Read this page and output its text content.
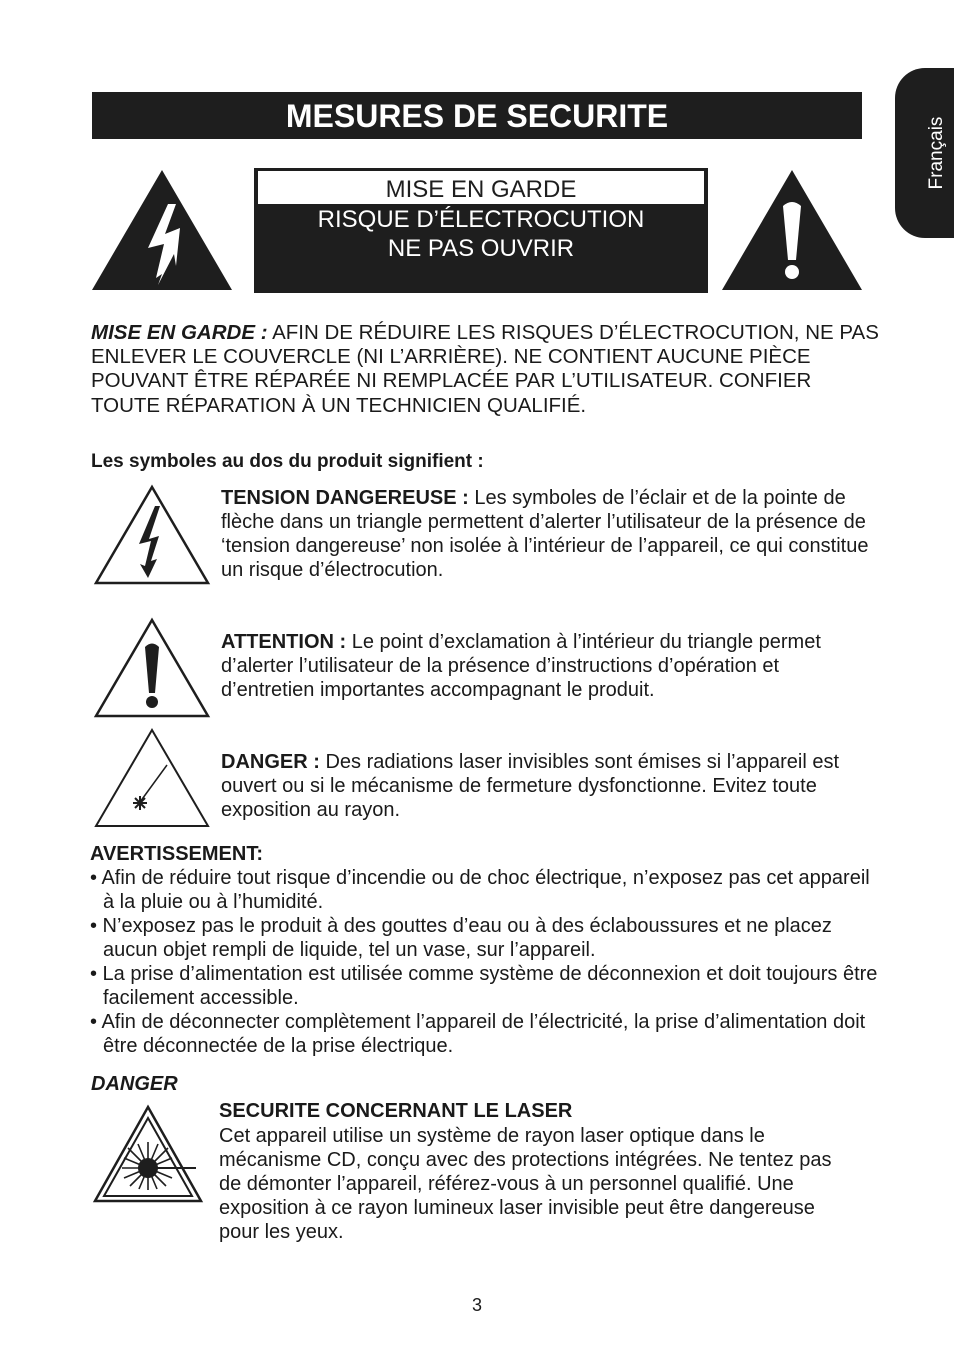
MESURES DE SECURITE
Français
MISE EN GARDE
RISQUE D’ÉLECTROCUTION
NE PAS OUVRIR
MISE EN GARDE : AFIN DE RÉDUIRE LES RISQUES D’ÉLECTROCUTION, NE PAS ENLEVER LE COUVERCLE (NI L’ARRIÈRE). NE CONTIENT AUCUNE PIÈCE POUVANT ÊTRE RÉPARÉE NI REMPLACÉE PAR L’UTILISATEUR. CONFIER TOUTE RÉPARATION À UN TECHNICIEN QUALIFIÉ.
Les symboles au dos du produit signifient :
TENSION DANGEREUSE : Les symboles de l’éclair et de la pointe de flèche dans un triangle permettent d’alerter l’utilisateur de la présence de ‘tension dangereuse’ non isolée à l’intérieur de l’appareil, ce qui constitue un risque d’électrocution.
ATTENTION : Le point d’exclamation à l’intérieur du triangle permet d’alerter l’utilisateur de la présence d’instructions d’opération et d’entretien importantes accompagnant le produit.
DANGER : Des radiations laser invisibles sont émises si l’appareil est ouvert ou si le mécanisme de fermeture dysfonctionne. Evitez toute exposition au rayon.
AVERTISSEMENT:
• Afin de réduire tout risque d’incendie ou de choc électrique, n’exposez pas cet appareil à la pluie ou à l’humidité.
• N’exposez pas le produit à des gouttes d’eau ou à des éclaboussures et ne placez aucun objet rempli de liquide, tel un vase, sur l’appareil.
• La prise d’alimentation est utilisée comme système de déconnexion et doit toujours être facilement accessible.
• Afin de déconnecter complètement l’appareil de l’électricité, la prise d’alimentation doit être déconnectée de la prise électrique.
DANGER
SECURITE CONCERNANT LE LASER
Cet appareil utilise un système de rayon laser optique dans le mécanisme CD, conçu avec des protections intégrées. Ne tentez pas de démonter l’appareil, référez-vous à un personnel qualifié. Une exposition à ce rayon lumineux laser invisible peut être dangereuse pour les yeux.
3
